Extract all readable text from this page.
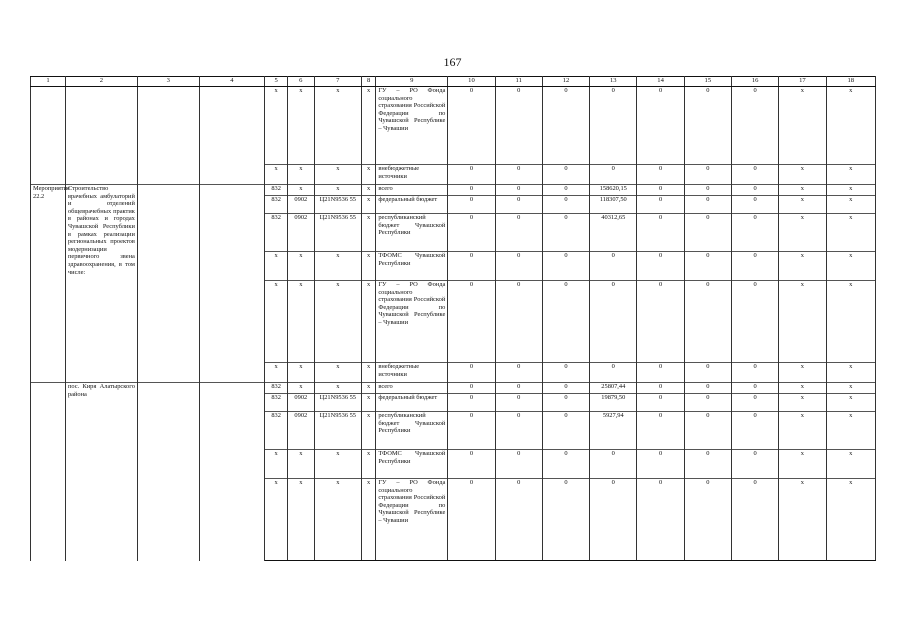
167
1	2	3	4	5	6	7	8	9	10	11	12	13	14	15	16	17	18
				х	х	х	х	ГУ – РО Фонда социального страхования Российской Федерации по Чувашской Республике – Чувашии	0	0	0	0	0	0	0	х	х
				х	х	х	х	внебюджетные источники	0	0	0	0	0	0	0	х	х
Мероприятие 22.2	Строительство врачебных амбулаторий и отделений общеврачебных практик в районах и городах Чувашской Республики в рамках реализации региональных проектов модернизации первичного звена здравоохранения, в том числе:			832	х	х	х	всего	0	0	0	158620,15	0	0	0	х	х
				832	0902	Ц21N9536 55	х	федеральный бюджет	0	0	0	118307,50	0	0	0	х	х
				832	0902	Ц21N9536 55	х	республиканский бюджет Чувашской Республики	0	0	0	40312,65	0	0	0	х	х
				х	х	х	х	ТФОМС Чувашской Республики	0	0	0	0	0	0	0	х	х
				х	х	х	х	ГУ – РО Фонда социального страхования Российской Федерации по Чувашской Республике – Чувашии	0	0	0	0	0	0	0	х	х
				х	х	х	х	внебюджетные источники	0	0	0	0	0	0	0	х	х
	пос. Киря Алатырского района			832	х	х	х	всего	0	0	0	25807,44	0	0	0	х	х
				832	0902	Ц21N9536 55	х	федеральный бюджет	0	0	0	19879,50	0	0	0	х	х
				832	0902	Ц21N9536 55	х	республиканский бюджет Чувашской Республики	0	0	0	5927,94	0	0	0	х	х
				х	х	х	х	ТФОМС Чувашской Республики	0	0	0	0	0	0	0	х	х
				х	х	х	х	ГУ – РО Фонда социального страхования Российской Федерации по Чувашской Республике – Чувашии	0	0	0	0	0	0	0	х	х
